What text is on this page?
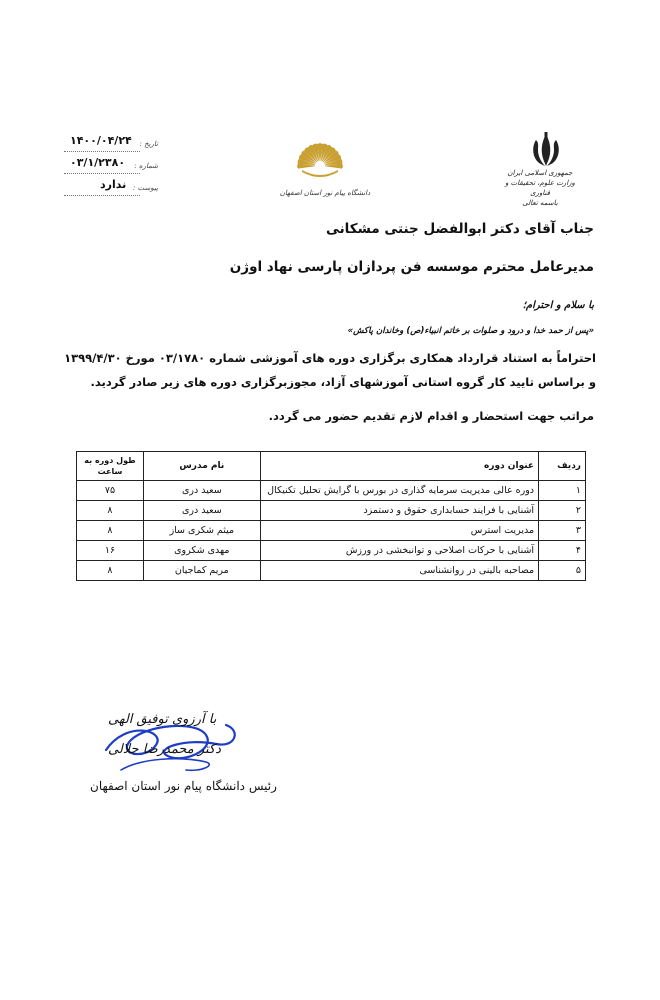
جمهوری اسلامی ایران
وزارت علوم، تحقیقات و فناوری
باسمه تعالی
دانشگاه پیام نور استان اصفهان
۱۴۰۰/۰۴/۲۴ تاریخ :
۰۳/۱/۲۳۸۰ شماره :
ندارد پیوست :
جناب آقای دکتر ابوالفضل جنتی مشکانی
مدیرعامل محترم موسسه فن پردازان پارسی نهاد اوژن
با سلام و احترام؛
«پس از حمد خدا و درود و صلوات بر خاتم انبیاء(ص) وخاندان پاکش»
احتراماً به استناد قرارداد همکاری برگزاری دوره های آموزشی شماره ۰۳/۱۷۸۰ مورخ ۱۳۹۹/۴/۳۰ و براساس تایید کار گروه استانی آموزشهای آزاد، مجوزبرگزاری دوره های زیر صادر گردید.
مراتب جهت استحضار و اقدام لازم تقدیم حضور می گردد.
ردیف	عنوان دوره	نام مدرس	طول دوره به ساعت
۱	دوره عالی مدیریت سرمایه گذاری در بورس با گرایش تحلیل تکنیکال	سعید دری	۷۵
۲	آشنایی با فرایند حسابداری حقوق و دستمزد	سعید دری	۸
۳	مدیریت استرس	میثم شکری ساز	۸
۴	آشنایی با حرکات اصلاحی و توانبخشی در ورزش	مهدی شکروی	۱۶
۵	مصاحبه بالینی در روانشناسی	مریم کماجیان	۸
با آرزوی توفیق الهی
دکتر محمدرضا جلالی
رئیس دانشگاه پیام نور استان اصفهان
